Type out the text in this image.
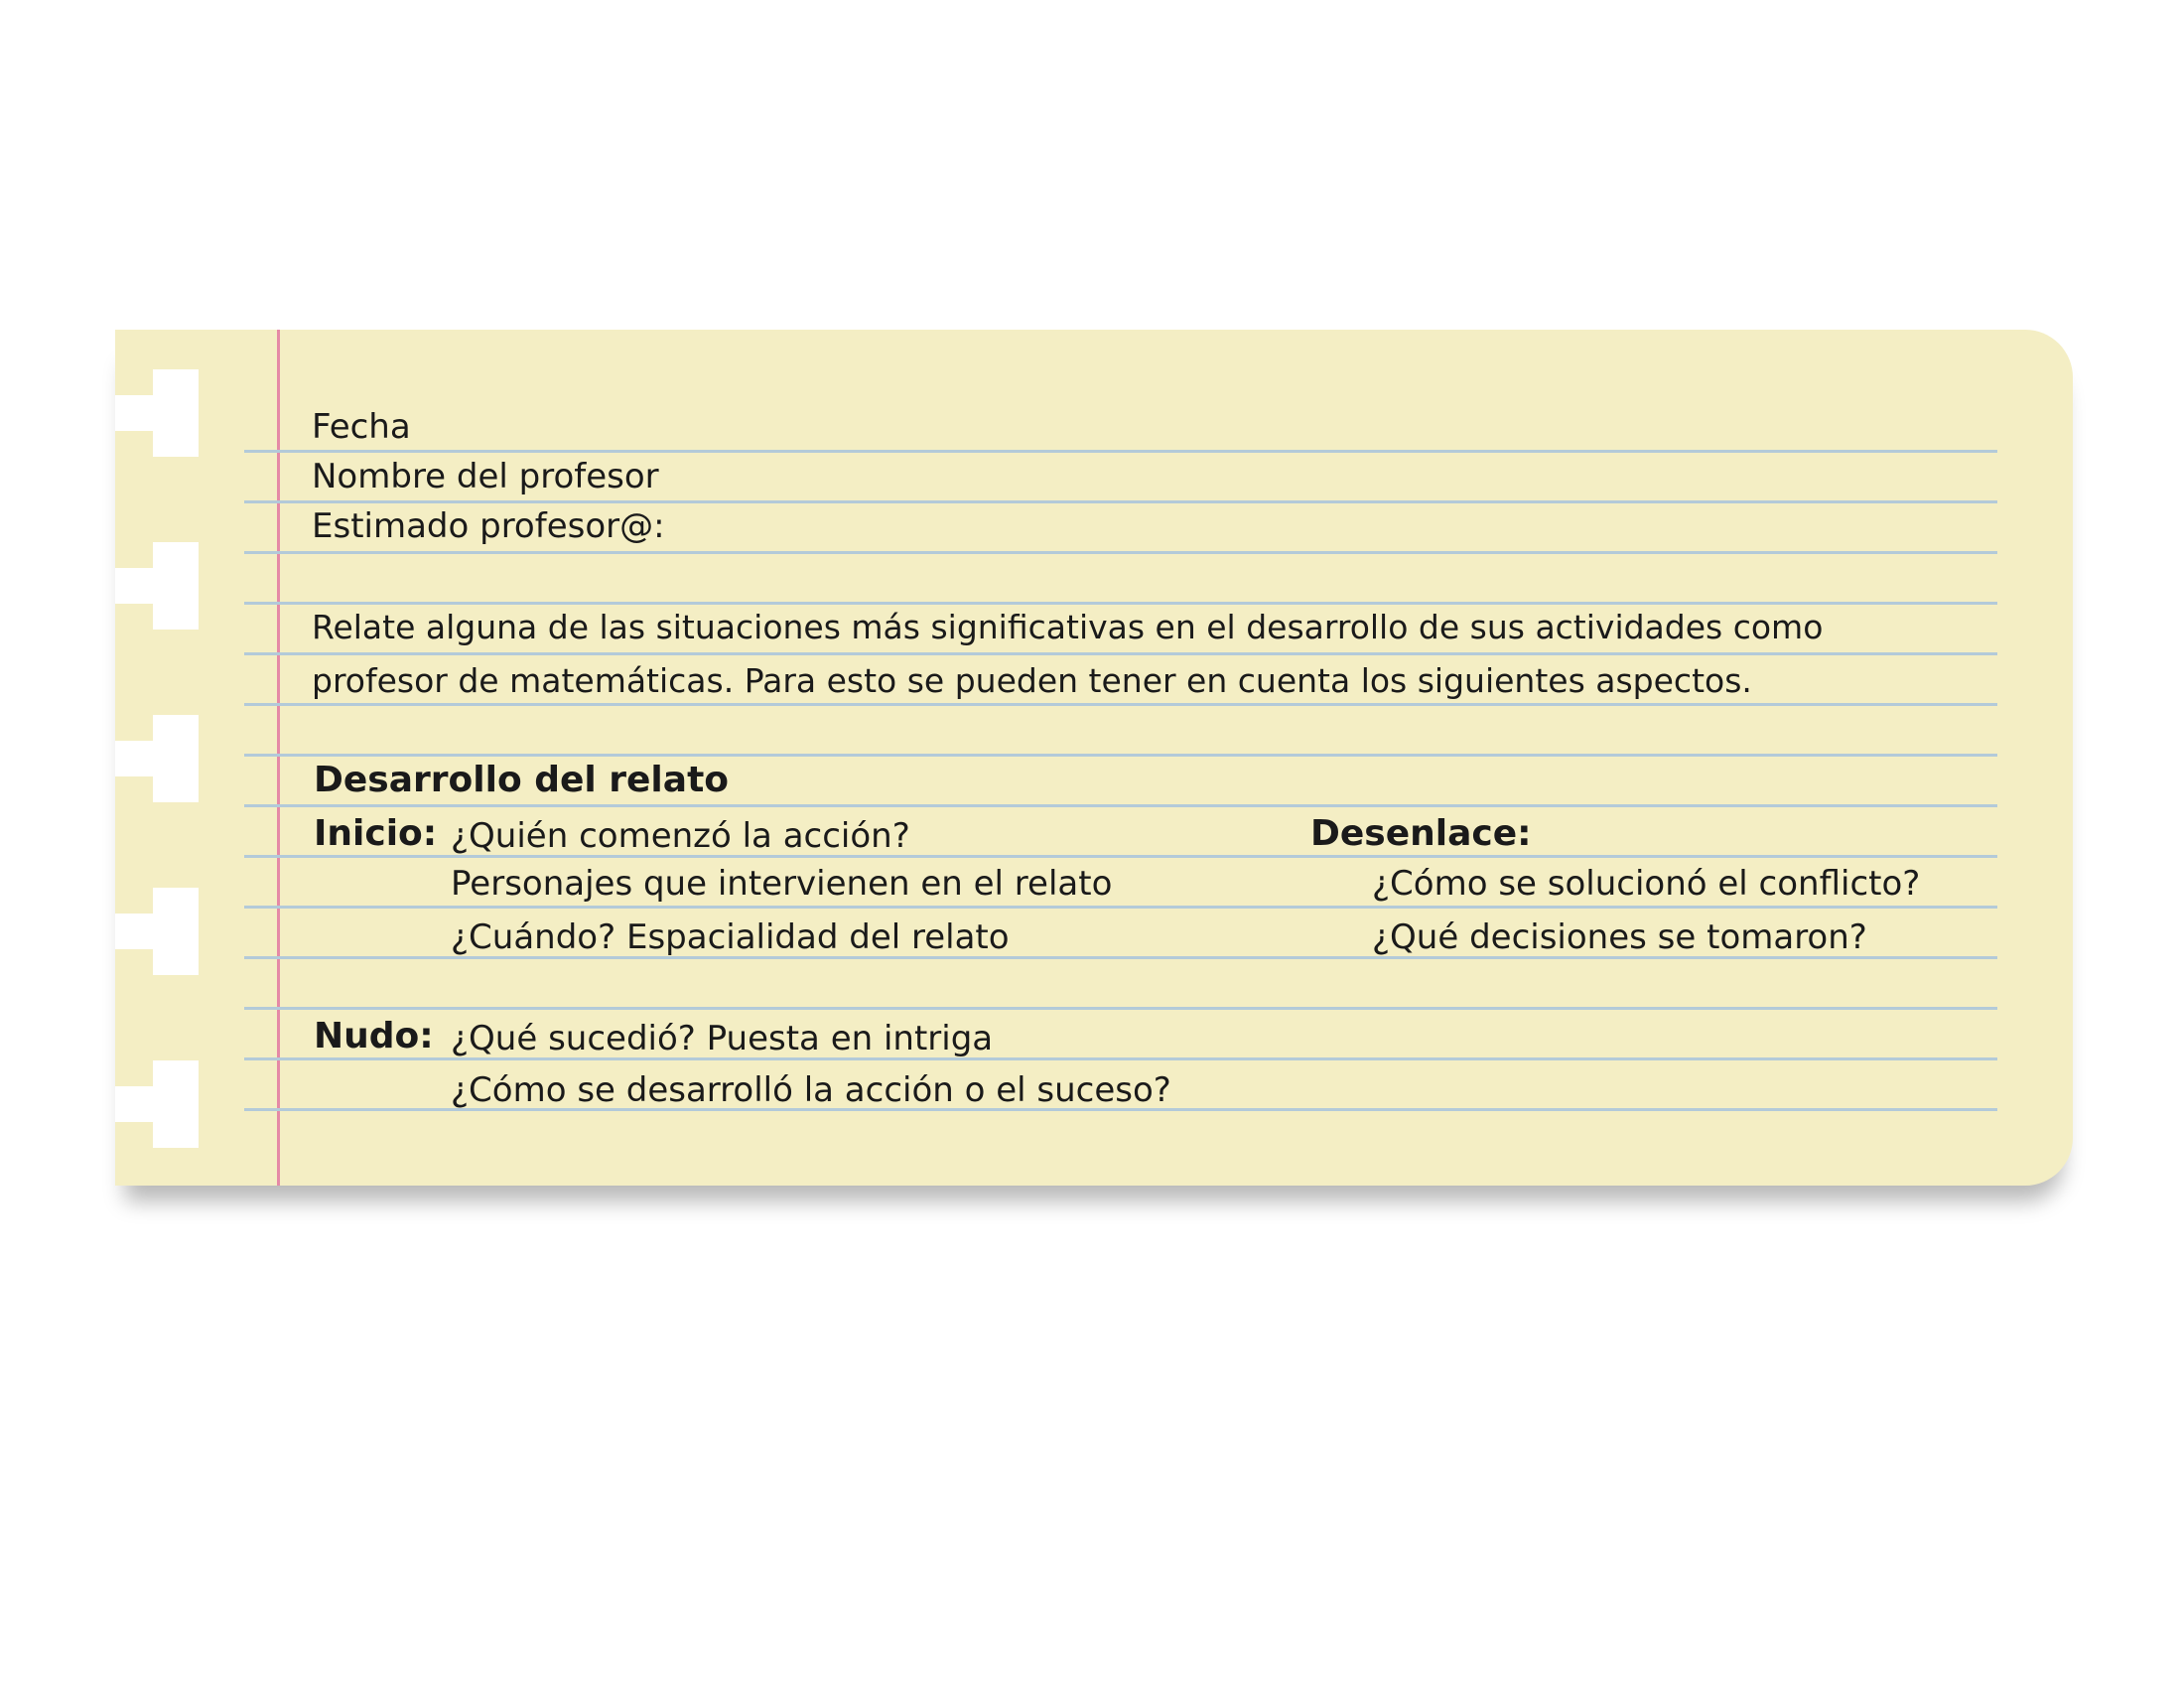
Fecha
Nombre del profesor
Estimado profesor@:
Relate alguna de las situaciones más significativas en el desarrollo de sus actividades como
profesor de matemáticas. Para esto se pueden tener en cuenta los siguientes aspectos.
Desarrollo del relato
Inicio: ¿Quién comenzó la acción?
Personajes que intervienen en el relato
¿Cuándo? Espacialidad del relato
Desenlace:
¿Cómo se solucionó el conflicto?
¿Qué decisiones se tomaron?
Nudo: ¿Qué sucedió? Puesta en intriga
¿Cómo se desarrolló la acción o el suceso?
